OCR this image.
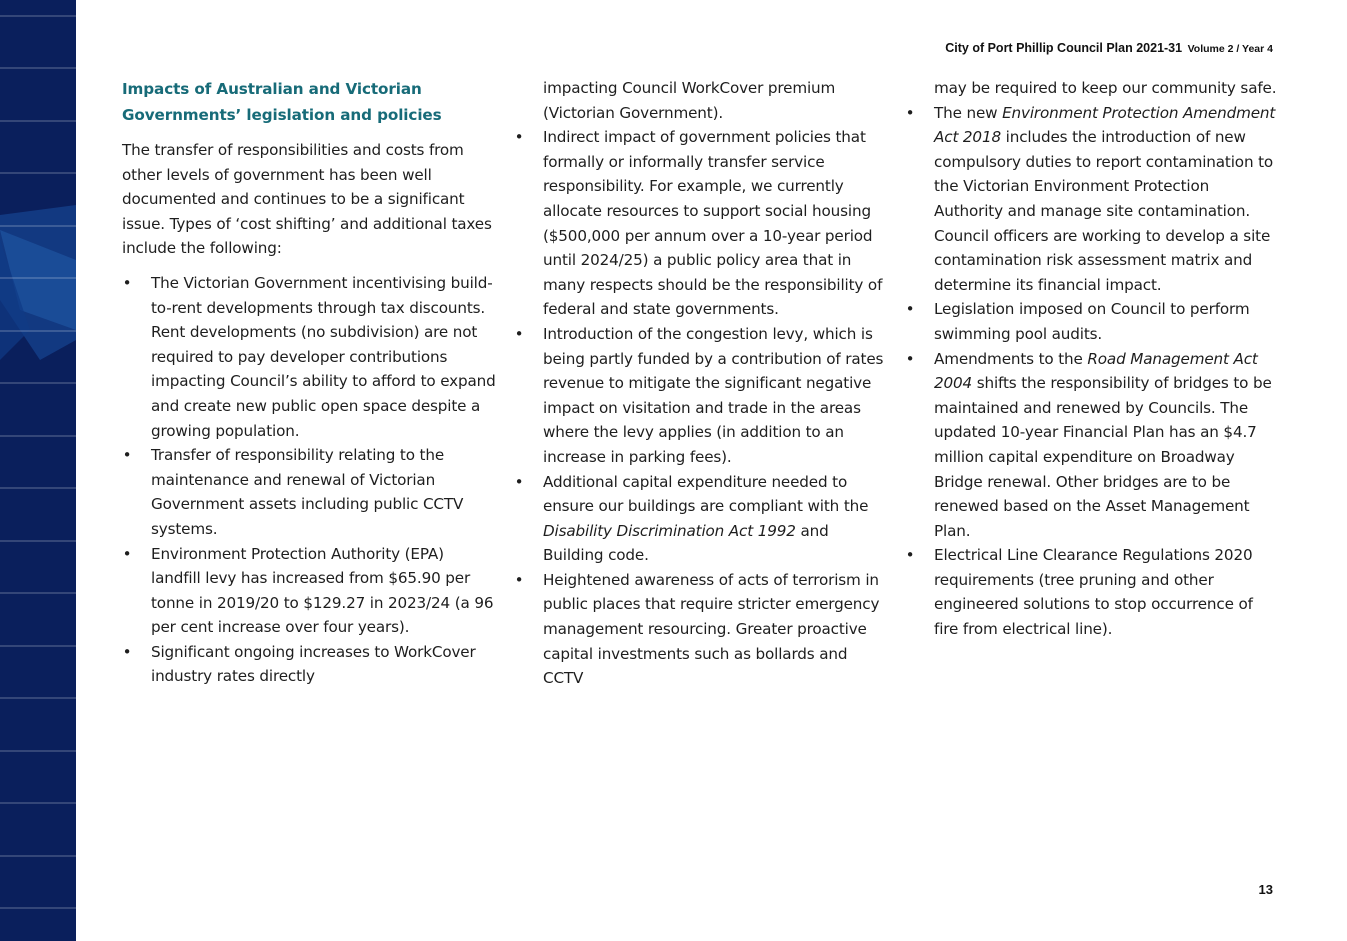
City of Port Phillip Council Plan 2021-31 Volume 2 / Year 4
Impacts of Australian and Victorian Governments’ legislation and policies

The transfer of responsibilities and costs from other levels of government has been well documented and continues to be a significant issue. Types of ‘cost shifting’ and additional taxes include the following:

• The Victorian Government incentivising build-to-rent developments through tax discounts. Rent developments (no subdivision) are not required to pay developer contributions impacting Council’s ability to afford to expand and create new public open space despite a growing population.
• Transfer of responsibility relating to the maintenance and renewal of Victorian Government assets including public CCTV systems.
• Environment Protection Authority (EPA) landfill levy has increased from $65.90 per tonne in 2019/20 to $129.27 in 2023/24 (a 96 per cent increase over four years).
• Significant ongoing increases to WorkCover industry rates directly
impacting Council WorkCover premium (Victorian Government).
• Indirect impact of government policies that formally or informally transfer service responsibility. For example, we currently allocate resources to support social housing ($500,000 per annum over a 10-year period until 2024/25) a public policy area that in many respects should be the responsibility of federal and state governments.
• Introduction of the congestion levy, which is being partly funded by a contribution of rates revenue to mitigate the significant negative impact on visitation and trade in the areas where the levy applies (in addition to an increase in parking fees).
• Additional capital expenditure needed to ensure our buildings are compliant with the Disability Discrimination Act 1992 and Building code.
• Heightened awareness of acts of terrorism in public places that require stricter emergency management resourcing. Greater proactive capital investments such as bollards and CCTV
may be required to keep our community safe.
• The new Environment Protection Amendment Act 2018 includes the introduction of new compulsory duties to report contamination to the Victorian Environment Protection Authority and manage site contamination. Council officers are working to develop a site contamination risk assessment matrix and determine its financial impact.
• Legislation imposed on Council to perform swimming pool audits.
• Amendments to the Road Management Act 2004 shifts the responsibility of bridges to be maintained and renewed by Councils. The updated 10-year Financial Plan has an $4.7 million capital expenditure on Broadway Bridge renewal. Other bridges are to be renewed based on the Asset Management Plan.
• Electrical Line Clearance Regulations 2020 requirements (tree pruning and other engineered solutions to stop occurrence of fire from electrical line).
13
